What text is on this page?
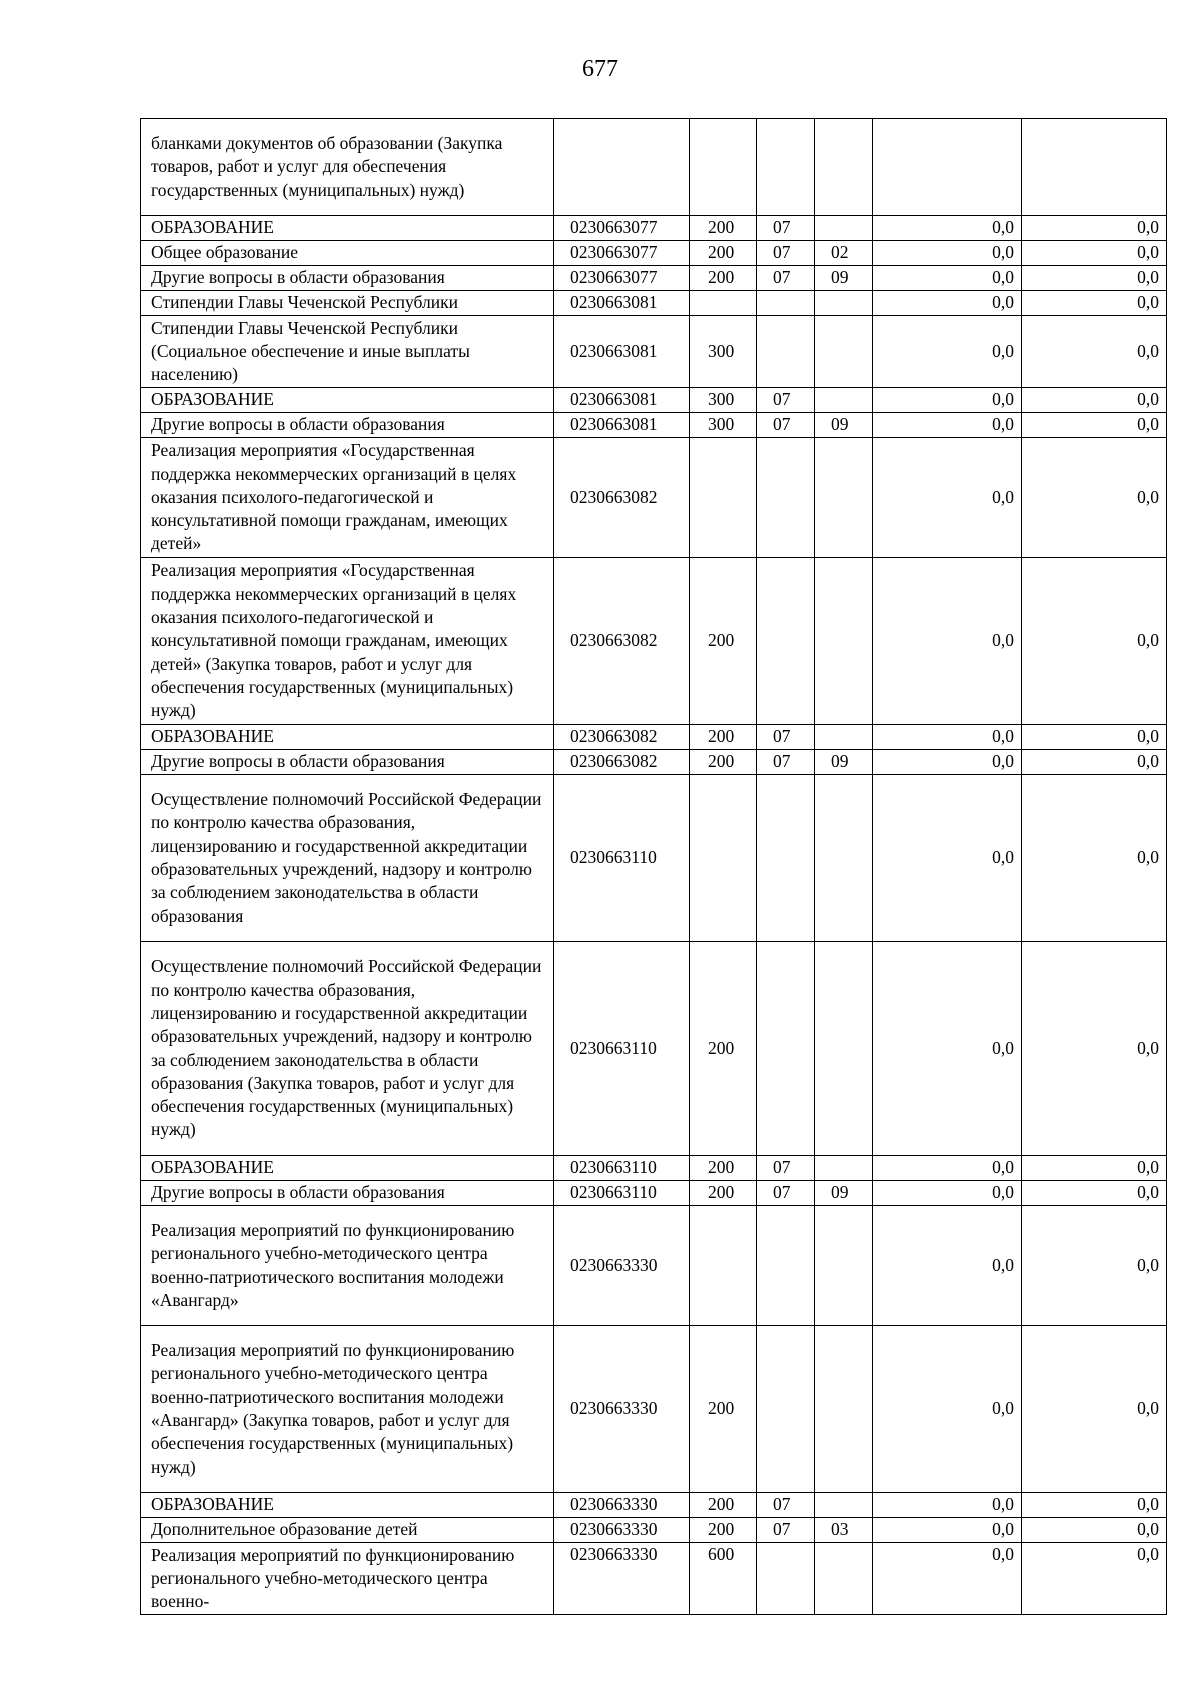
677
бланками документов об образовании (Закупка товаров, работ и услуг для обеспечения государственных (муниципальных) нужд)						
ОБРАЗОВАНИЕ	0230663077	200	07		0,0	0,0
Общее образование	0230663077	200	07	02	0,0	0,0
Другие вопросы в области образования	0230663077	200	07	09	0,0	0,0
Стипендии Главы Чеченской Республики	0230663081				0,0	0,0
Стипендии Главы Чеченской Республики (Социальное обеспечение и иные выплаты населению)	0230663081	300			0,0	0,0
ОБРАЗОВАНИЕ	0230663081	300	07		0,0	0,0
Другие вопросы в области образования	0230663081	300	07	09	0,0	0,0
Реализация мероприятия «Государственная поддержка некоммерческих организаций в целях оказания психолого-педагогической и консультативной помощи гражданам, имеющих детей»	0230663082				0,0	0,0
Реализация мероприятия «Государственная поддержка некоммерческих организаций в целях оказания психолого-педагогической и консультативной помощи гражданам, имеющих детей» (Закупка товаров, работ и услуг для обеспечения государственных (муниципальных) нужд)	0230663082	200			0,0	0,0
ОБРАЗОВАНИЕ	0230663082	200	07		0,0	0,0
Другие вопросы в области образования	0230663082	200	07	09	0,0	0,0
Осуществление полномочий Российской Федерации по контролю качества образования, лицензированию и государственной аккредитации образовательных учреждений, надзору и контролю за соблюдением законодательства в области образования	0230663110				0,0	0,0
Осуществление полномочий Российской Федерации по контролю качества образования, лицензированию и государственной аккредитации образовательных учреждений, надзору и контролю за соблюдением законодательства в области образования (Закупка товаров, работ и услуг для обеспечения государственных (муниципальных) нужд)	0230663110	200			0,0	0,0
ОБРАЗОВАНИЕ	0230663110	200	07		0,0	0,0
Другие вопросы в области образования	0230663110	200	07	09	0,0	0,0
Реализация мероприятий по функционированию регионального учебно-методического центра военно-патриотического воспитания молодежи «Авангард»	0230663330				0,0	0,0
Реализация мероприятий по функционированию регионального учебно-методического центра военно-патриотического воспитания молодежи «Авангард» (Закупка товаров, работ и услуг для обеспечения государственных (муниципальных) нужд)	0230663330	200			0,0	0,0
ОБРАЗОВАНИЕ	0230663330	200	07		0,0	0,0
Дополнительное образование детей	0230663330	200	07	03	0,0	0,0
Реализация мероприятий по функционированию регионального учебно-методического центра военно-	0230663330	600			0,0	0,0
